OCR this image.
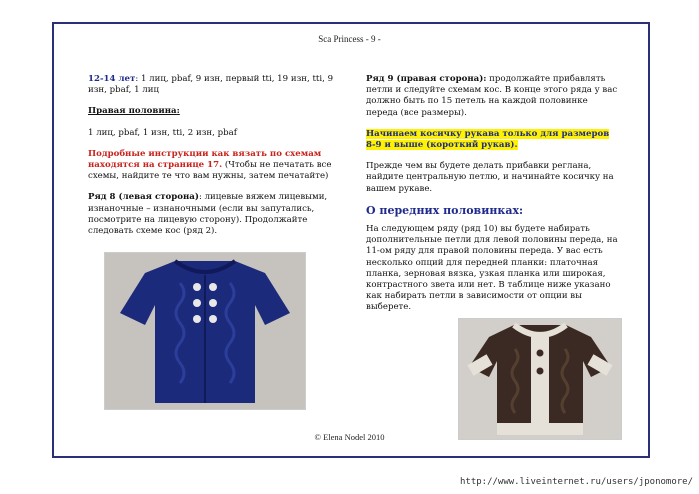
Sca Princess - 9 -

12-14 лет: 1 лиц, pbaf, 9 изн, первый tti, 19 изн, tti, 9 изн, pbaf, 1 лиц

Правая половина:

1 лиц, pbaf, 1 изн, tti, 2 изн, pbaf

Подробные инструкции как вязать по схемам находятся на странице 17. (Чтобы не печатать все схемы, найдите те что вам нужны, затем печатайте)

Ряд 8 (левая сторона): лицевые вяжем лицевыми, изнаночные – изнаночными (если вы запутались, посмотрите на лицевую сторону). Продолжайте следовать схеме кос (ряд 2).

Ряд 9 (правая сторона): продолжайте прибавлять петли и следуйте схемам кос. В конце этого ряда у вас должно быть по 15 петель на каждой половинке переда (все размеры).

Начинаем косичку рукава только для размеров 8-9 и выше (короткий рукав).

Прежде чем вы будете делать прибавки реглана, найдите центральную петлю, и начинайте косичку на вашем рукаве.

О передних половинках:

На следующем ряду (ряд 10) вы будете набирать дополнительные петли для левой половины переда, на 11-ом ряду для правой половины переда. У вас есть несколько опций для передней планки: платочная планка, зерновая вязка, узкая планка или широкая, контрастного звета или нет. В таблице ниже указано как набирать петли в зависимости от опции вы выберете.

© Elena Nodel 2010
http://www.liveinternet.ru/users/jponomore/
